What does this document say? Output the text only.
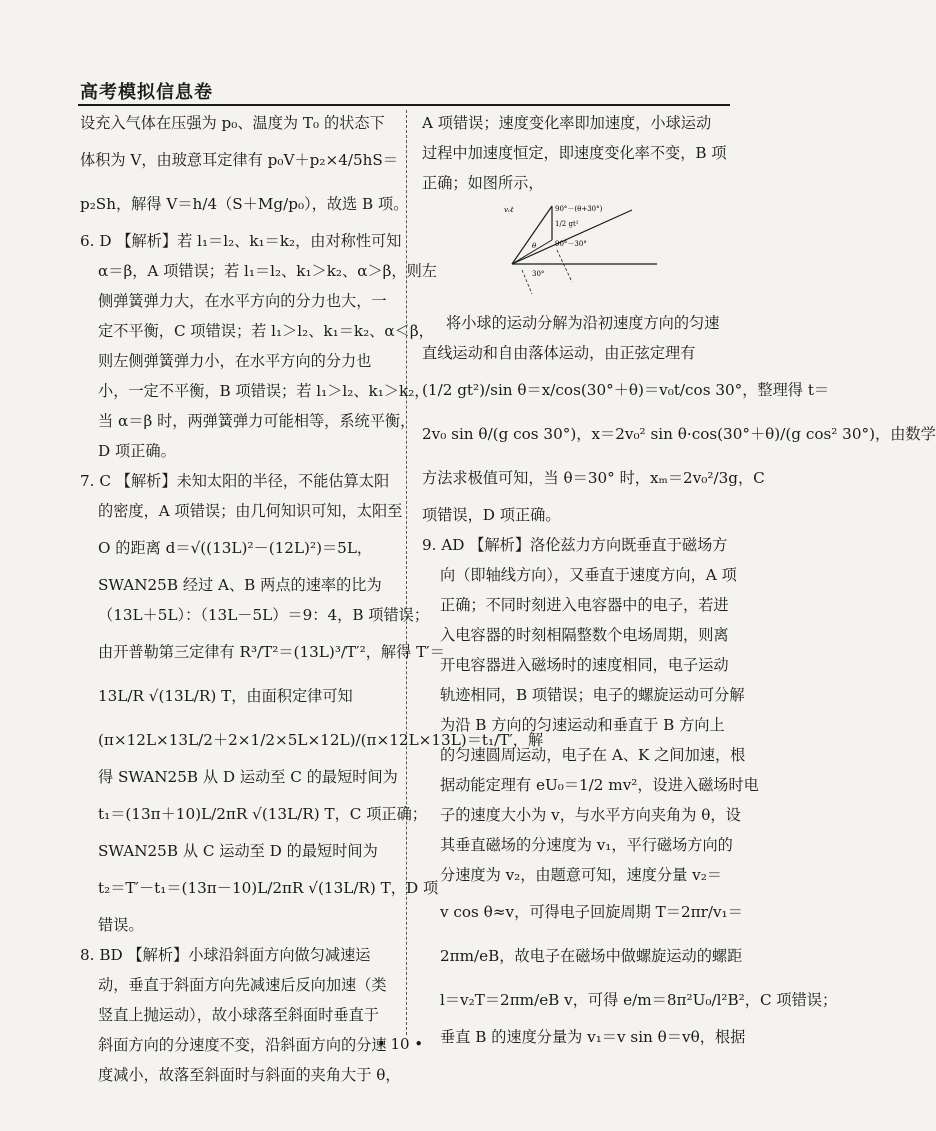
高考模拟信息卷
设充入气体在压强为 p₀、温度为 T₀ 的状态下
体积为 V，由玻意耳定律有 p₀V＋p₂×4/5hS＝
p₂Sh，解得 V＝h/4（S＋Mg/p₀），故选 B 项。
6. D 【解析】若 l₁＝l₂、k₁＝k₂，由对称性可知
α＝β，A 项错误；若 l₁＝l₂、k₁＞k₂、α＞β，则左
侧弹簧弹力大，在水平方向的分力也大，一
定不平衡，C 项错误；若 l₁＞l₂、k₁＝k₂、α＜β，
则左侧弹簧弹力小，在水平方向的分力也
小，一定不平衡，B 项错误；若 l₁＞l₂、k₁＞k₂，
当 α＝β 时，两弹簧弹力可能相等，系统平衡，
D 项正确。
7. C 【解析】未知太阳的半径，不能估算太阳
的密度，A 项错误；由几何知识可知，太阳至
O 的距离 d＝√((13L)²－(12L)²)＝5L，
SWAN25B 经过 A、B 两点的速率的比为
（13L＋5L）：（13L－5L）＝9：4，B 项错误；
由开普勒第三定律有 R³/T²＝(13L)³/T′²，解得 T′＝
13L/R √(13L/R) T，由面积定律可知
(π×12L×13L/2＋2×1/2×5L×12L)/(π×12L×13L)＝t₁/T′，解
得 SWAN25B 从 D 运动至 C 的最短时间为
t₁＝(13π＋10)L/2πR √(13L/R) T，C 项正确；
SWAN25B 从 C 运动至 D 的最短时间为
t₂＝T′－t₁＝(13π－10)L/2πR √(13L/R) T，D 项
错误。
8. BD 【解析】小球沿斜面方向做匀减速运
动，垂直于斜面方向先减速后反向加速（类
竖直上抛运动），故小球落至斜面时垂直于
斜面方向的分速度不变，沿斜面方向的分速
度减小，故落至斜面时与斜面的夹角大于 θ，
A 项错误；速度变化率即加速度，小球运动
过程中加速度恒定，即速度变化率不变，B 项
正确；如图所示，
v₀t	90°－(θ+30°)
1/2 gt²
θ	90°－30°
30°
将小球的运动分解为沿初速度方向的匀速
直线运动和自由落体运动，由正弦定理有
(1/2 gt²)/sin θ＝x/cos(30°＋θ)＝v₀t/cos 30°，整理得 t＝
2v₀ sin θ/(g cos 30°)，x＝2v₀² sin θ·cos(30°＋θ)/(g cos² 30°)，由数学
方法求极值可知，当 θ＝30° 时，xₘ＝2v₀²/3g，C
项错误，D 项正确。
9. AD 【解析】洛伦兹力方向既垂直于磁场方
向（即轴线方向），又垂直于速度方向，A 项
正确；不同时刻进入电容器中的电子，若进
入电容器的时刻相隔整数个电场周期，则离
开电容器进入磁场时的速度相同，电子运动
轨迹相同，B 项错误；电子的螺旋运动可分解
为沿 B 方向的匀速运动和垂直于 B 方向上
的匀速圆周运动，电子在 A、K 之间加速，根
据动能定理有 eU₀＝1/2 mv²，设进入磁场时电
子的速度大小为 v，与水平方向夹角为 θ，设
其垂直磁场的分速度为 v₁，平行磁场方向的
分速度为 v₂，由题意可知，速度分量 v₂＝
v cos θ≈v，可得电子回旋周期 T＝2πr/v₁＝
2πm/eB，故电子在磁场中做螺旋运动的螺距
l＝v₂T＝2πm/eB v，可得 e/m＝8π²U₀/l²B²，C 项错误；
垂直 B 的速度分量为 v₁＝v sin θ＝vθ，根据
• 10 •
